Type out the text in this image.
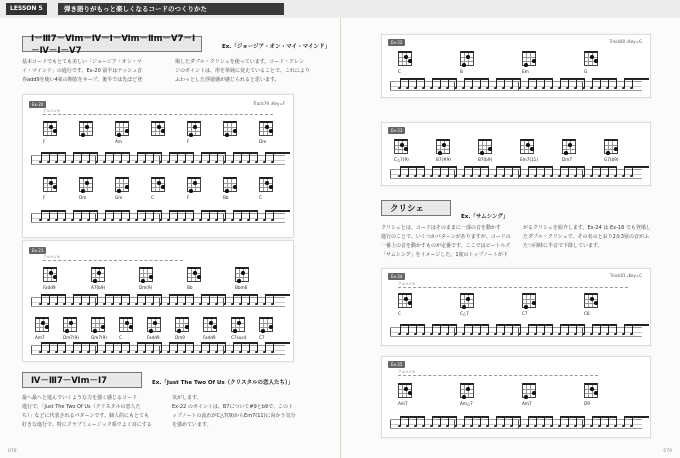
LESSON 5	弾き語りがもっと楽しくなるコードのつくりかた
I－Ⅲ7－Ⅵm－Ⅳ－I－Ⅵm－Ⅱm－V7－I－Ⅳ－I－V7	Ex.「ジョージア・オン・マイ・マインド」
基本コードでもとても美しい「ジョージア・オン・マ
イ・マインド」の進行です。Ex-20 前半はナッシュ音
券add9を使い4弦の開放をキープ。後半では先ほど登
場したダブル・クリシェを使っています。コード・アレン
ジのポイントは、形を単純に変えていることで、これにより
ふわっとした浮遊感が感じられると思います。
Ex-20	Track79 ♩Key=F
アルペジオ
F	Am	F	Dm
F	Dm	Gm	C	F	Bb	C
Ex-21
アルペジオ
Fadd9	A7(b9)	Dm(9)	Bb	Bbm6
Am7	Dm7(9)	Gm7(9)	C	Fadd9	Dm9	Fadd9	C7sus4	C7
Ⅳ－Ⅲ7－Ⅵm－I7	Ex.「Just The Two Of Us（クリスタルの恋人たち）」
最へ最へと進んでいくような力を強く感じるコード
進行で、「Just The Two Of Us（クリスタルの恋人た
ち）」などに代表されるパターンです。個人的にもとても
好きな進行で、特にクラブミュージック系でよく耳にする
気がします。
Ex-22 のポイントは、B7について#9とb9で、このト
ップノートの流れがC△7(9)からEm7(11)に向かう気分
を強めています。
078
Ex-22	Track80 ♩Key=G
C	B	Em	G
Ex-23
C△7(9)	B7(#9)	B7(b9)	Em7(11)	Dm7	G7(b9)
クリシェ
Ex.「サムシング」
クリシェとは、コードはそのままに一部の音を動かす
進行のことで、いくつかパターンがありますが、コードの
一番上の音を動かすものが定番です。ここではビートルズ
「サムシング」をイメージした、1度のトップノートが下
がるクリシェを紹介します。Ex-24 は Ex-18 でも登場し
たダブル・クリシェで、その名のとおり2＆3弦の音がふ
たつ同時に半音で下降しています。
Ex-24	Track81 ♩Key=C
アルペジオ
C	C△7	C7	C6
Ex-25
アルペジオ
Am7	Am△7	Am7	D9
079
